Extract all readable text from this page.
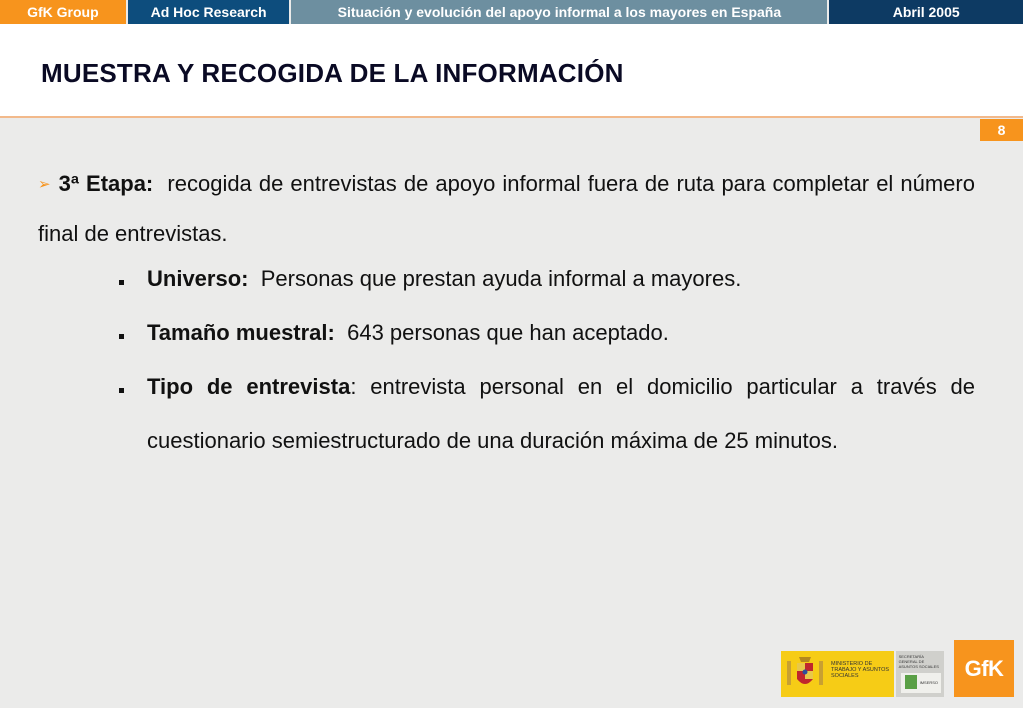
GfK Group	Ad Hoc Research	Situación y evolución del apoyo informal a los mayores en España	Abril 2005
MUESTRA Y RECOGIDA DE LA INFORMACIÓN
8

➢ 3ª Etapa: recogida de entrevistas de apoyo informal fuera de ruta para completar el número final de entrevistas.

Universo: Personas que prestan ayuda informal a mayores.
Tamaño muestral: 643 personas que han aceptado.
Tipo de entrevista: entrevista personal en el domicilio particular a través de cuestionario semiestructurado de una duración máxima de 25 minutos.
MINISTERIO DE TRABAJO Y ASUNTOS SOCIALES
SECRETARÍA GENERAL DE ASUNTOS SOCIALES
IMSERSO
GfK
